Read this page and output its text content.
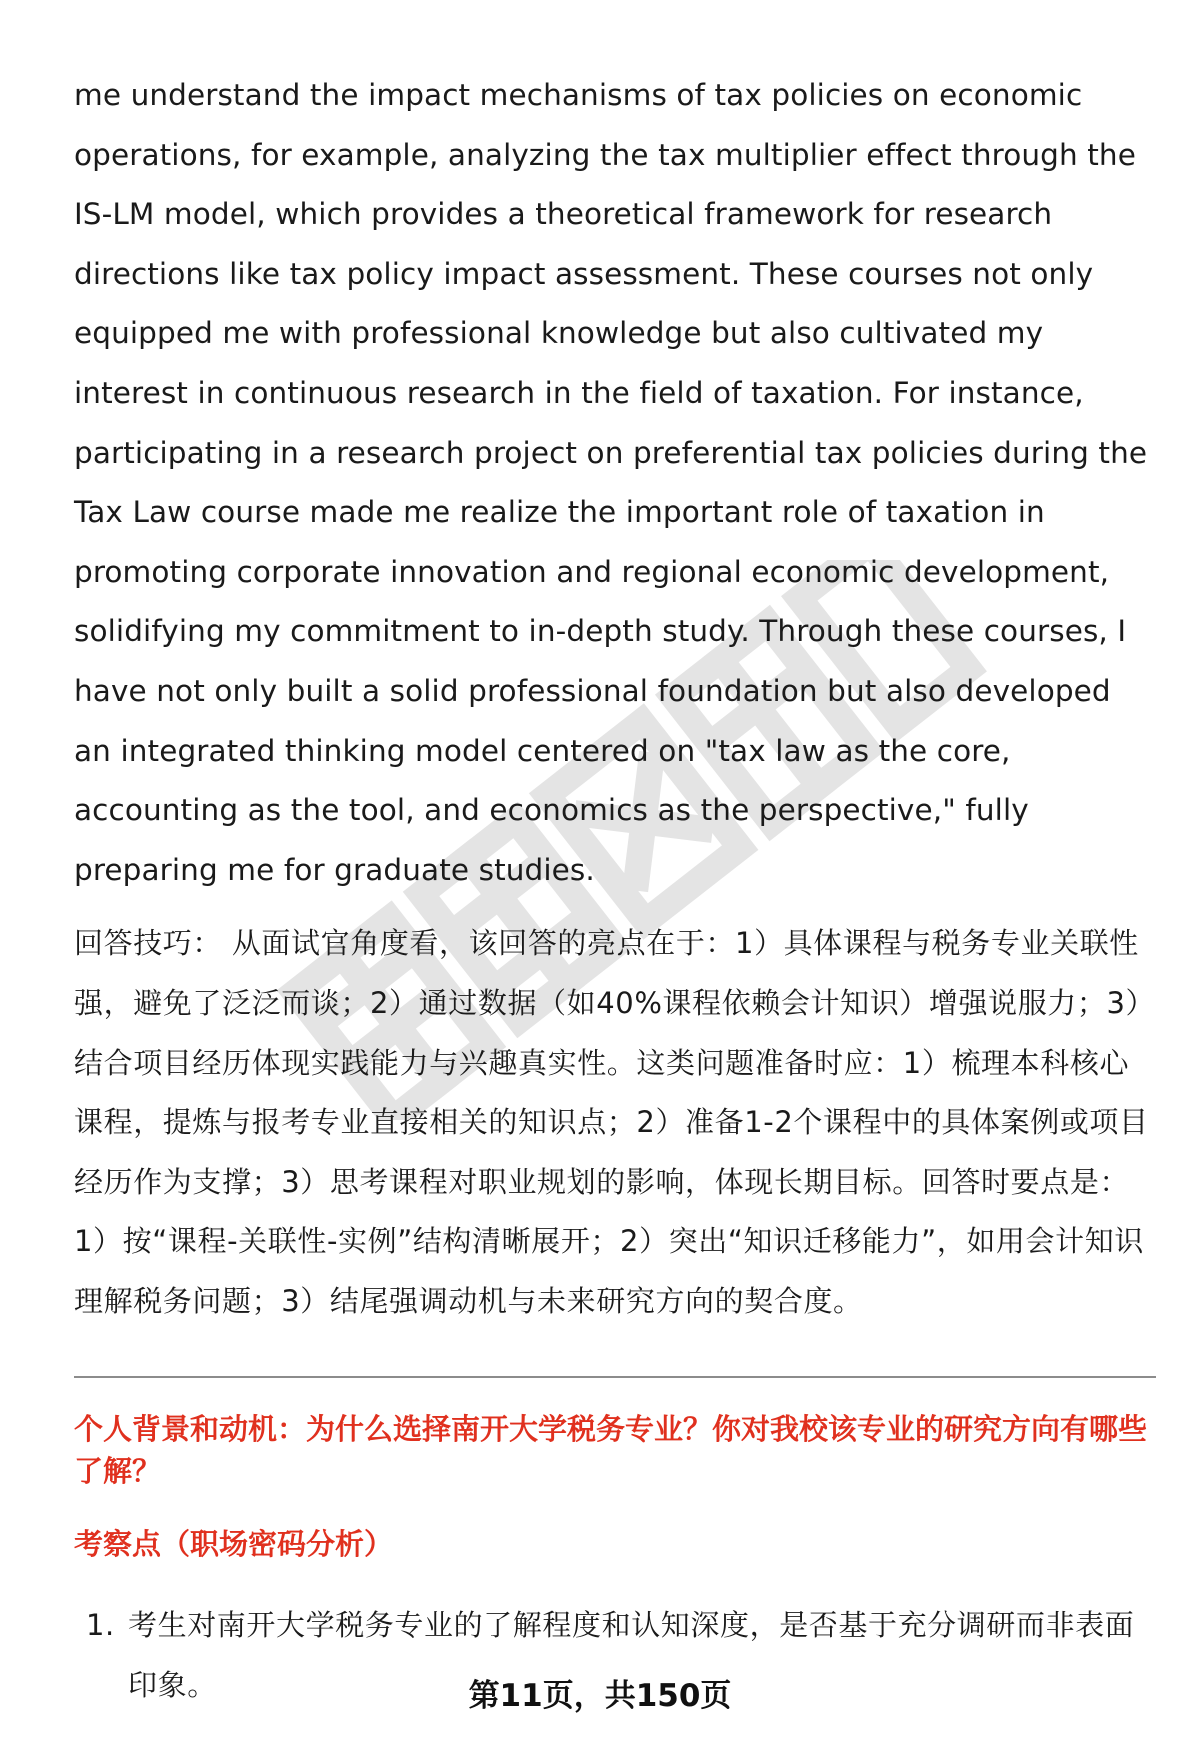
me understand the impact mechanisms of tax policies on economic operations, for example, analyzing the tax multiplier effect through the IS-LM model, which provides a theoretical framework for research directions like tax policy impact assessment. These courses not only equipped me with professional knowledge but also cultivated my interest in continuous research in the field of taxation. For instance, participating in a research project on preferential tax policies during the Tax Law course made me realize the important role of taxation in promoting corporate innovation and regional economic development, solidifying my commitment to in-depth study. Through these courses, I have not only built a solid professional foundation but also developed an integrated thinking model centered on "tax law as the core, accounting as the tool, and economics as the perspective," fully preparing me for graduate studies.

回答技巧： 从面试官角度看，该回答的亮点在于：1）具体课程与税务专业关联性强，避免了泛泛而谈；2）通过数据（如40%课程依赖会计知识）增强说服力；3）结合项目经历体现实践能力与兴趣真实性。这类问题准备时应：1）梳理本科核心课程，提炼与报考专业直接相关的知识点；2）准备1-2个课程中的具体案例或项目经历作为支撑；3）思考课程对职业规划的影响，体现长期目标。回答时要点是：1）按“课程-关联性-实例”结构清晰展开；2）突出“知识迁移能力”，如用会计知识理解税务问题；3）结尾强调动机与未来研究方向的契合度。

个人背景和动机：为什么选择南开大学税务专业？你对我校该专业的研究方向有哪些了解？
考察点（职场密码分析）
1. 考生对南开大学税务专业的了解程度和认知深度，是否基于充分调研而非表面印象。	第11页，共150页
